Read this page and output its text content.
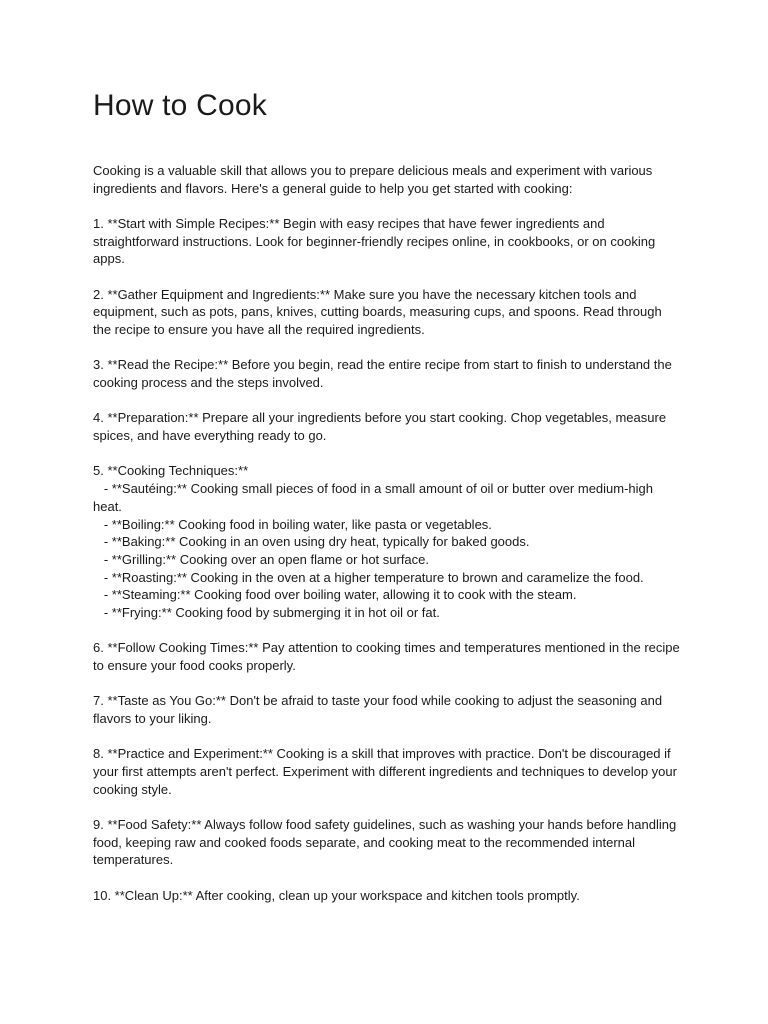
How to Cook

Cooking is a valuable skill that allows you to prepare delicious meals and experiment with various ingredients and flavors. Here's a general guide to help you get started with cooking:

1. **Start with Simple Recipes:** Begin with easy recipes that have fewer ingredients and straightforward instructions. Look for beginner-friendly recipes online, in cookbooks, or on cooking apps.

2. **Gather Equipment and Ingredients:** Make sure you have the necessary kitchen tools and equipment, such as pots, pans, knives, cutting boards, measuring cups, and spoons. Read through the recipe to ensure you have all the required ingredients.

3. **Read the Recipe:** Before you begin, read the entire recipe from start to finish to understand the cooking process and the steps involved.

4. **Preparation:** Prepare all your ingredients before you start cooking. Chop vegetables, measure spices, and have everything ready to go.

5. **Cooking Techniques:**

- **Sautéing:** Cooking small pieces of food in a small amount of oil or butter over medium-high heat.

- **Boiling:** Cooking food in boiling water, like pasta or vegetables.

- **Baking:** Cooking in an oven using dry heat, typically for baked goods.

- **Grilling:** Cooking over an open flame or hot surface.

- **Roasting:** Cooking in the oven at a higher temperature to brown and caramelize the food.

- **Steaming:** Cooking food over boiling water, allowing it to cook with the steam.

- **Frying:** Cooking food by submerging it in hot oil or fat.

6. **Follow Cooking Times:** Pay attention to cooking times and temperatures mentioned in the recipe to ensure your food cooks properly.

7. **Taste as You Go:** Don't be afraid to taste your food while cooking to adjust the seasoning and flavors to your liking.

8. **Practice and Experiment:** Cooking is a skill that improves with practice. Don't be discouraged if your first attempts aren't perfect. Experiment with different ingredients and techniques to develop your cooking style.

9. **Food Safety:** Always follow food safety guidelines, such as washing your hands before handling food, keeping raw and cooked foods separate, and cooking meat to the recommended internal temperatures.

10. **Clean Up:** After cooking, clean up your workspace and kitchen tools promptly.
